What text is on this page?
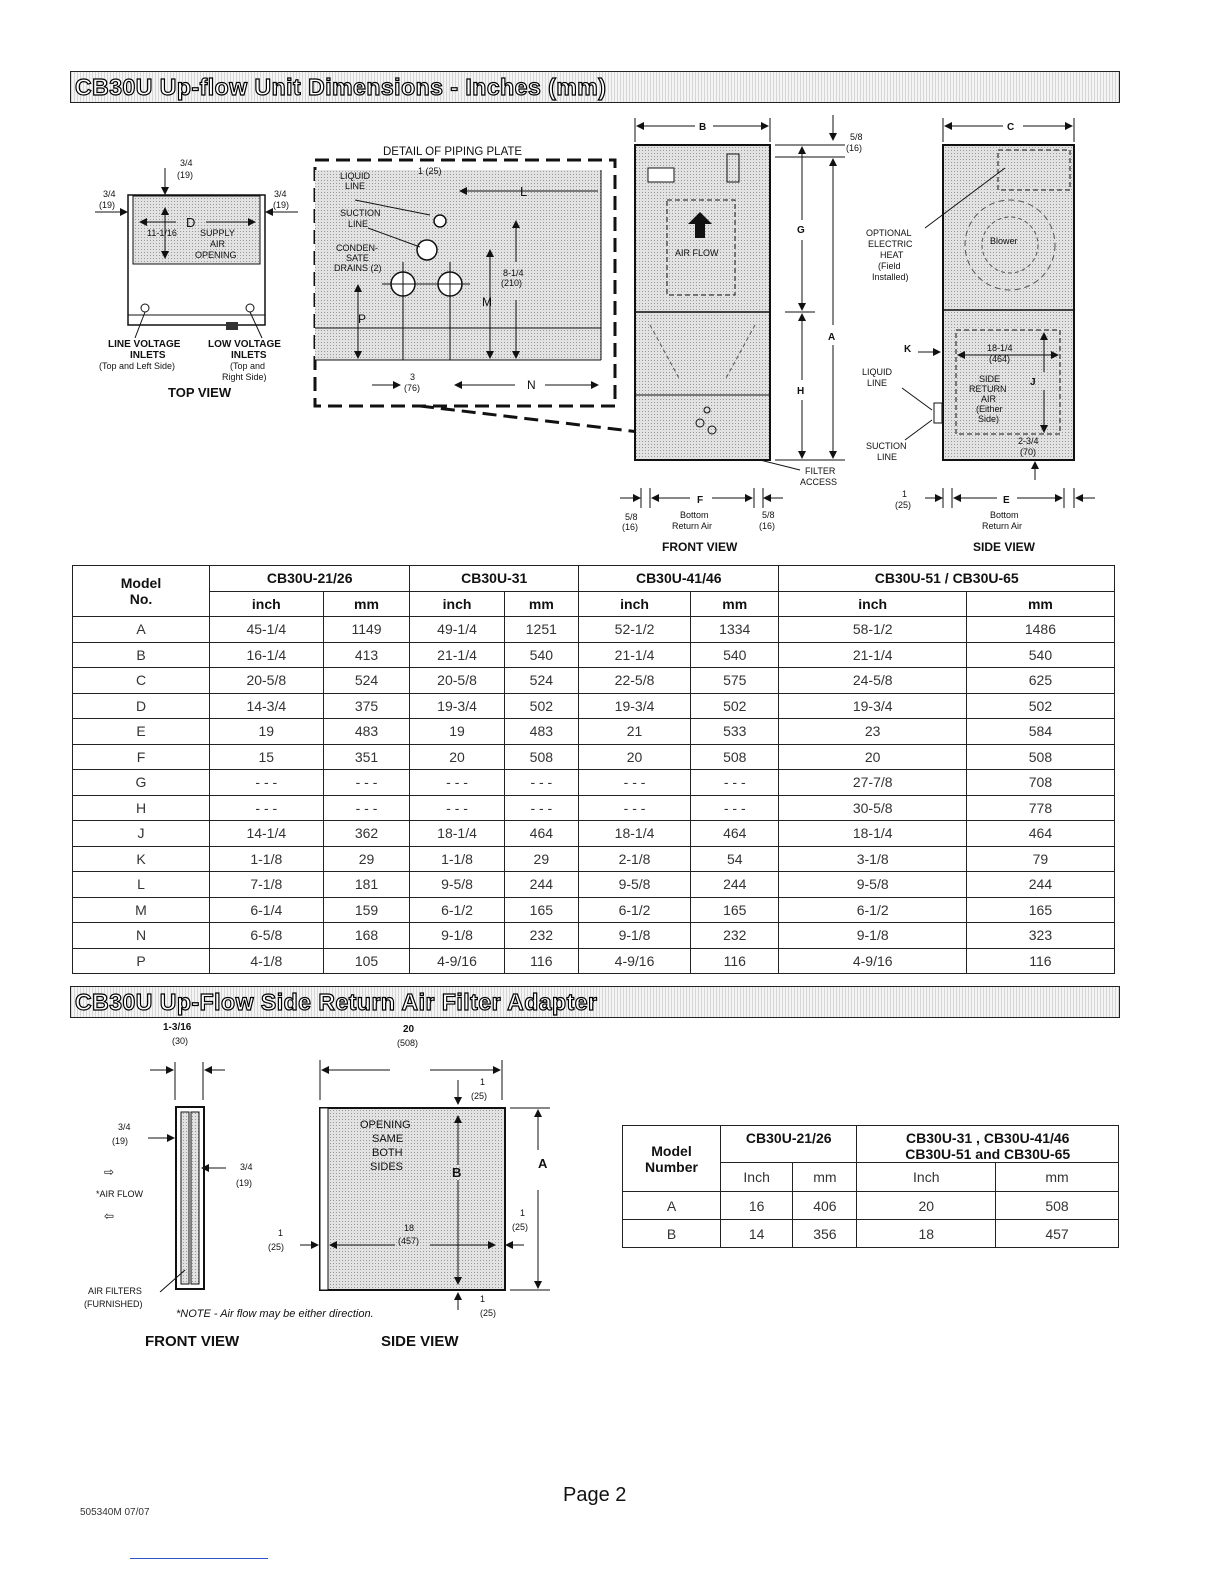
CB30U Up-flow Unit Dimensions - Inches (mm)
CB30U Up-Flow Side Return Air Filter Adapter
3/4
(19)
3/4
(19)
3/4
(19)
D
11-1/16	SUPPLY
AIR
OPENING
LINE VOLTAGE
INLETS
(Top and Left Side)
LOW VOLTAGE
INLETS
(Top and
Right Side)
TOP VIEW
DETAIL OF PIPING PLATE
LIQUID
LINE
1 (25)
L
SUCTION
LINE
CONDEN-
SATE
DRAINS (2)	8-1/4
(210)
M
P
3
(76)	N
B
5/8
(16)
G
A
H
AIR FLOW
FILTER
ACCESS
F
5/8
(16)
Bottom
Return Air
5/8
(16)
FRONT VIEW
C
OPTIONAL
ELECTRIC
HEAT
(Field
Installed)
Blower
K
LIQUID
LINE
SUCTION
LINE
18-1/4
(464)
SIDE
RETURN
AIR
(Either
Side)
J
2-3/4
(70)
1
(25)	E
Bottom
Return Air
SIDE VIEW
Model
No.	CB30U-21/26		CB30U-31		CB30U-41/46		CB30U-51 / CB30U-65	
	inch	mm	inch	mm	inch	mm	inch	mm
A	45-1/4	1149	49-1/4	1251	52-1/2	1334	58-1/2	1486
B	16-1/4	413	21-1/4	540	21-1/4	540	21-1/4	540
C	20-5/8	524	20-5/8	524	22-5/8	575	24-5/8	625
D	14-3/4	375	19-3/4	502	19-3/4	502	19-3/4	502
E	19	483	19	483	21	533	23	584
F	15	351	20	508	20	508	20	508
G	- - -	- - -	- - -	- - -	- - -	- - -	27-7/8	708
H	- - -	- - -	- - -	- - -	- - -	- - -	30-5/8	778
J	14-1/4	362	18-1/4	464	18-1/4	464	18-1/4	464
K	1-1/8	29	1-1/8	29	2-1/8	54	3-1/8	79
L	7-1/8	181	9-5/8	244	9-5/8	244	9-5/8	244
M	6-1/4	159	6-1/2	165	6-1/2	165	6-1/2	165
N	6-5/8	168	9-1/8	232	9-1/8	232	9-1/8	323
P	4-1/8	105	4-9/16	116	4-9/16	116	4-9/16	116
⇨
⇦
1-3/16
(30)
3/4
(19)
3/4
(19)
*AIR FLOW
AIR FILTERS
(FURNISHED)
FRONT VIEW
20
(508)
1
(25)
OPENING
SAME
BOTH
SIDES	B
A
18
(457)
1
(25)
1
(25)
1
(25)
*NOTE - Air flow may be either direction.
SIDE VIEW
Model
Number	CB30U-21/26		CB30U-31 , CB30U-41/46
CB30U-51 and CB30U-65	
	Inch	mm	Inch	mm

A	16	406	20	508
B	14	356	18	457
Page 2
505340M 07/07
